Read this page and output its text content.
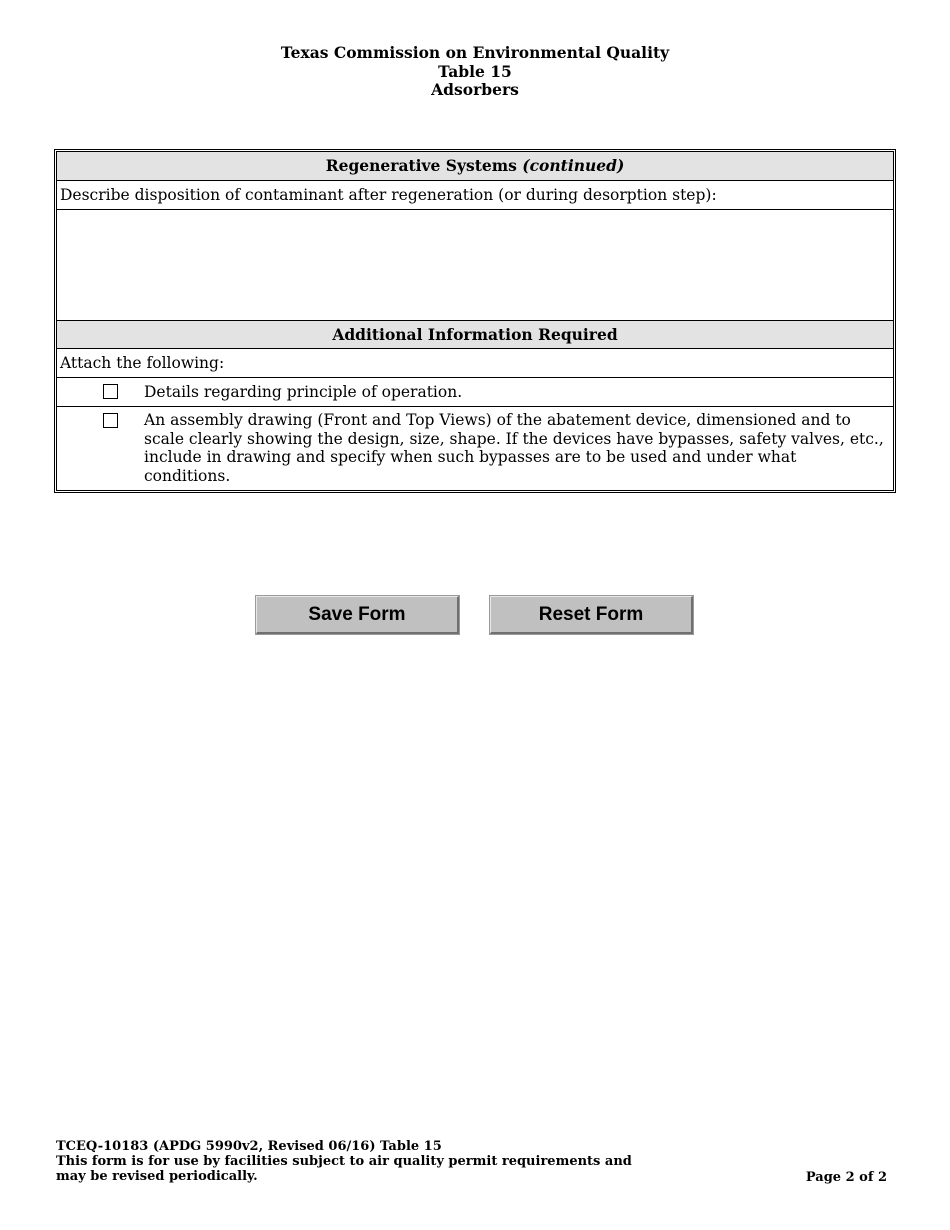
Texas Commission on Environmental Quality
Table 15
Adsorbers
Regenerative Systems (continued)
Describe disposition of contaminant after regeneration (or during desorption step):
Additional Information Required
Attach the following:
Details regarding principle of operation.
An assembly drawing (Front and Top Views) of the abatement device, dimensioned and to scale clearly showing the design, size, shape. If the devices have bypasses, safety valves, etc., include in drawing and specify when such bypasses are to be used and under what conditions.
Save Form	Reset Form
TCEQ-10183 (APDG 5990v2, Revised 06/16) Table 15
This form is for use by facilities subject to air quality permit requirements and
may be revised periodically.	Page 2 of 2
